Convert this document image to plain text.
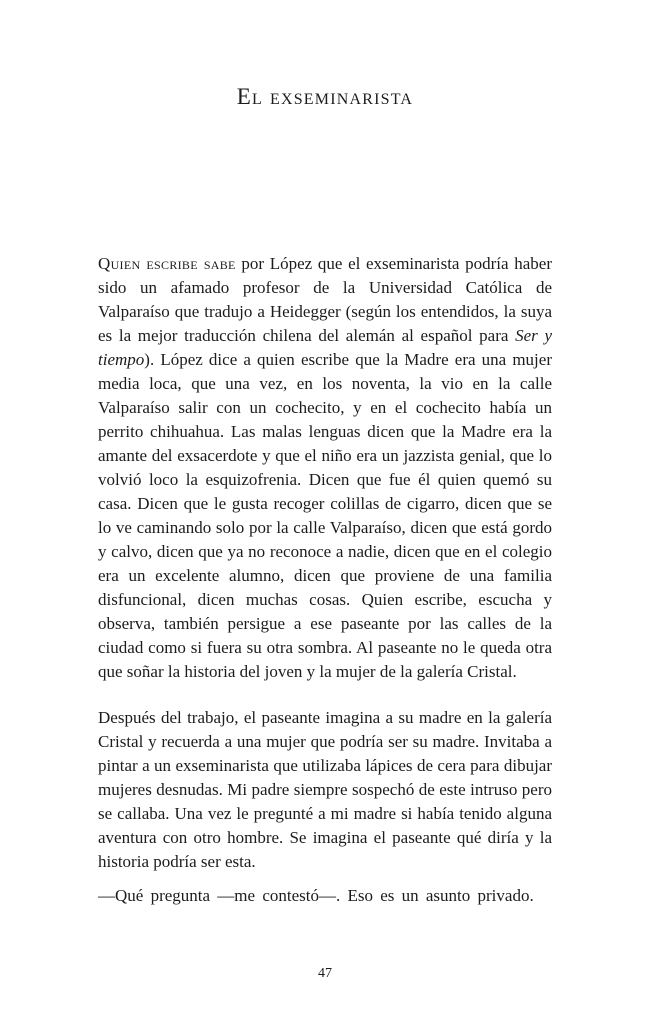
El exseminarista

Quien escribe sabe por López que el exseminarista podría haber sido un afamado profesor de la Universidad Católica de Valparaíso que tradujo a Heidegger (según los entendidos, la suya es la mejor traducción chilena del alemán al español para Ser y tiempo). López dice a quien escribe que la Madre era una mujer media loca, que una vez, en los noventa, la vio en la calle Valparaíso salir con un cochecito, y en el cochecito había un perrito chihuahua. Las malas lenguas dicen que la Madre era la amante del exsacerdote y que el niño era un jazzista genial, que lo volvió loco la esquizofrenia. Dicen que fue él quien quemó su casa. Dicen que le gusta recoger colillas de cigarro, dicen que se lo ve caminando solo por la calle Valparaíso, dicen que está gordo y calvo, dicen que ya no reconoce a nadie, dicen que en el colegio era un excelente alumno, dicen que proviene de una familia disfuncional, dicen muchas cosas. Quien escribe, escucha y observa, también persigue a ese paseante por las calles de la ciudad como si fuera su otra sombra. Al paseante no le queda otra que soñar la historia del joven y la mujer de la galería Cristal.

Después del trabajo, el paseante imagina a su madre en la galería Cristal y recuerda a una mujer que podría ser su madre. Invitaba a pintar a un exseminarista que utilizaba lápices de cera para dibujar mujeres desnudas. Mi padre siempre sospechó de este intruso pero se callaba. Una vez le pregunté a mi madre si había tenido alguna aventura con otro hombre. Se imagina el paseante qué diría y la historia podría ser esta.

—Qué pregunta —me contestó—. Eso es un asunto privado.

47
